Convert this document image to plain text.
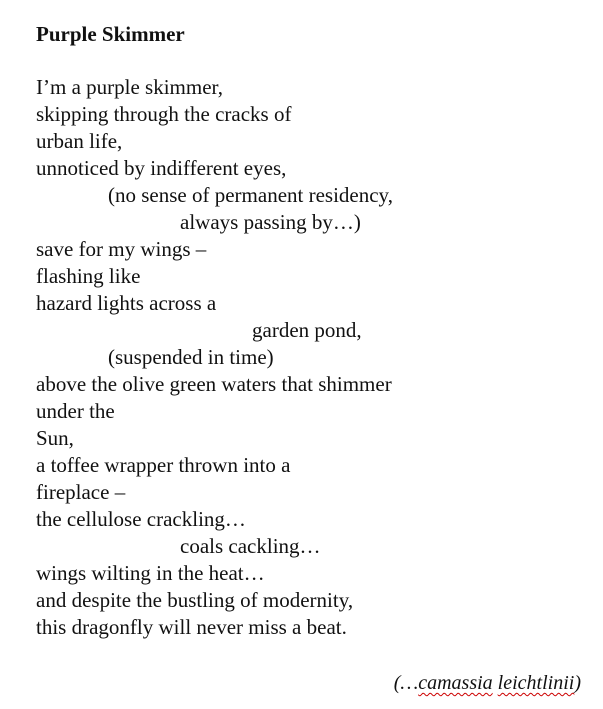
Purple Skimmer
I’m a purple skimmer,
skipping through the cracks of
urban life,
unnoticed by indifferent eyes,
(no sense of permanent residency,
always passing by…)
save for my wings –
flashing like
hazard lights across a
garden pond,
(suspended in time)
above the olive green waters that shimmer
under the
Sun,
a toffee wrapper thrown into a
fireplace –
the cellulose crackling…
coals cackling…
wings wilting in the heat…
and despite the bustling of modernity,
this dragonfly will never miss a beat.
(…camassia leichtlinii)
